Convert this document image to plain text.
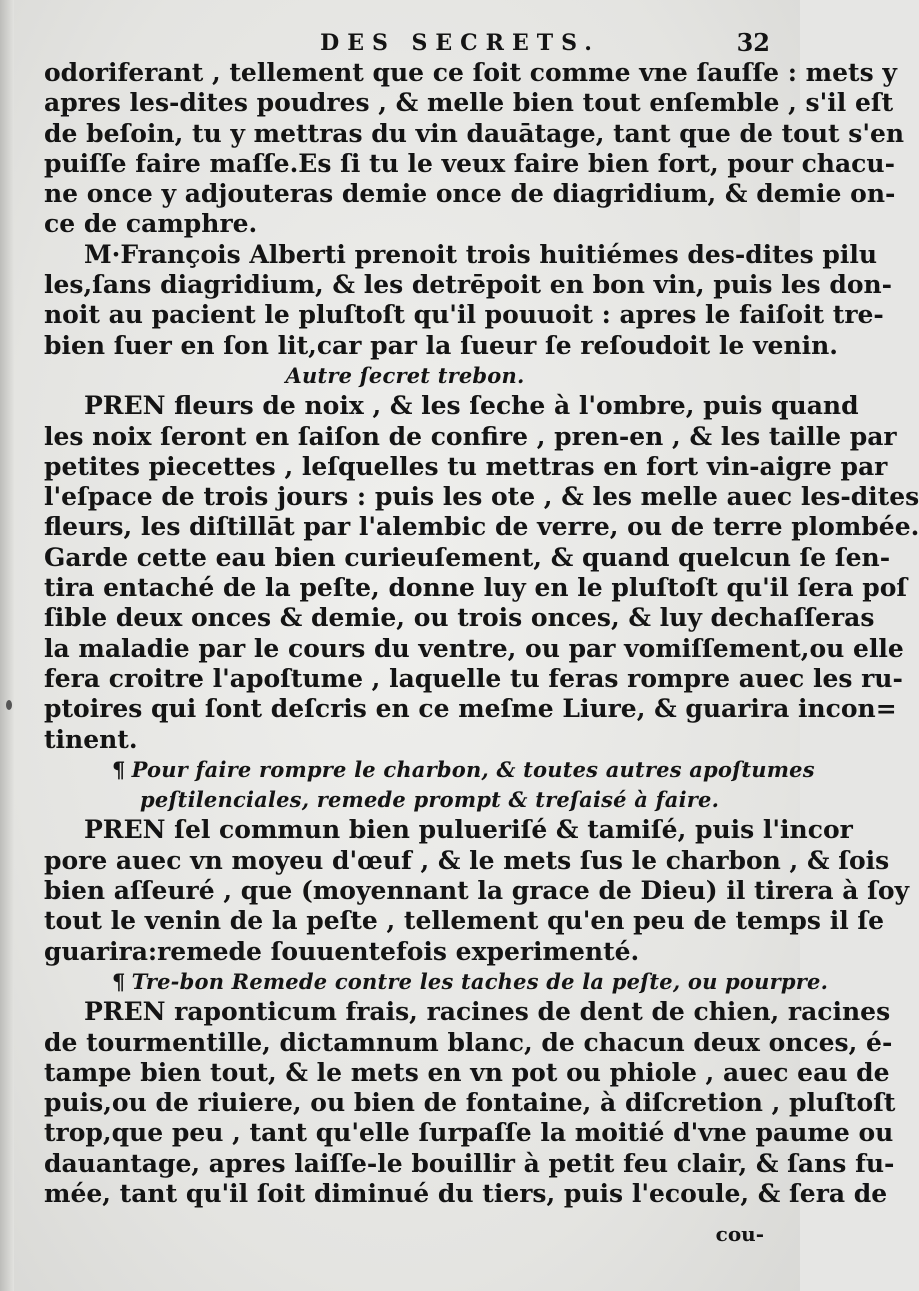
DES SECRETS.	32
odoriferant , tellement que ce ſoit comme vne ſauſſe : mets y
apres les-dites poudres , & melle bien tout enſemble , s'il eſt
de beſoin, tu y mettras du vin dauātage, tant que de tout s'en
puiſſe faire maſſe.Es ſi tu le veux faire bien fort, pour chacu-
ne once y adjouteras demie once de diagridium, & demie on-
ce de camphre.
M·François Alberti prenoit trois huitiémes des-dites pilu
les,ſans diagridium, & les detrēpoit en bon vin, puis les don-
noit au pacient le pluſtoſt qu'il pouuoit : apres le faiſoit tre-
bien ſuer en ſon lit,car par la ſueur ſe reſoudoit le venin.
Autre ſecret trebon.
PREN fleurs de noix , & les ſeche à l'ombre, puis quand
les noix ſeront en ſaiſon de confire , pren-en , & les taille par
petites piecettes , leſquelles tu mettras en fort vin-aigre par
l'eſpace de trois jours : puis les ote , & les melle auec les-dites
fleurs, les diſtillāt par l'alembic de verre, ou de terre plombée.
Garde cette eau bien curieuſement, & quand quelcun ſe ſen-
tira entaché de la peſte, donne luy en le pluſtoſt qu'il ſera poſ
ſible deux onces & demie, ou trois onces, & luy dechaſſeras
la maladie par le cours du ventre, ou par vomiſſement,ou elle
fera croitre l'apoſtume , laquelle tu feras rompre auec les ru-
ptoires qui ſont deſcris en ce meſme Liure, & guarira incon=
tinent.
¶ Pour faire rompre le charbon, & toutes autres apoſtumes
peſtilenciales, remede prompt & treſaisé à faire.
PREN ſel commun bien pulueriſé & tamiſé, puis l'incor
pore auec vn moyeu d'œuf , & le mets ſus le charbon , & ſois
bien aſſeuré , que (moyennant la grace de Dieu) il tirera à ſoy
tout le venin de la peſte , tellement qu'en peu de temps il ſe
guarira:remede ſouuentefois experimenté.
¶ Tre-bon Remede contre les taches de la peſte, ou pourpre.
PREN raponticum frais, racines de dent de chien, racines
de tourmentille, dictamnum blanc, de chacun deux onces, é-
tampe bien tout, & le mets en vn pot ou phiole , auec eau de
puis,ou de riuiere, ou bien de fontaine, à diſcretion , pluſtoſt
trop,que peu , tant qu'elle ſurpaſſe la moitié d'vne paume ou
dauantage, apres laiſſe-le bouillir à petit feu clair, & ſans fu-
mée, tant qu'il ſoit diminué du tiers, puis l'ecoule, & ſera de
cou-
